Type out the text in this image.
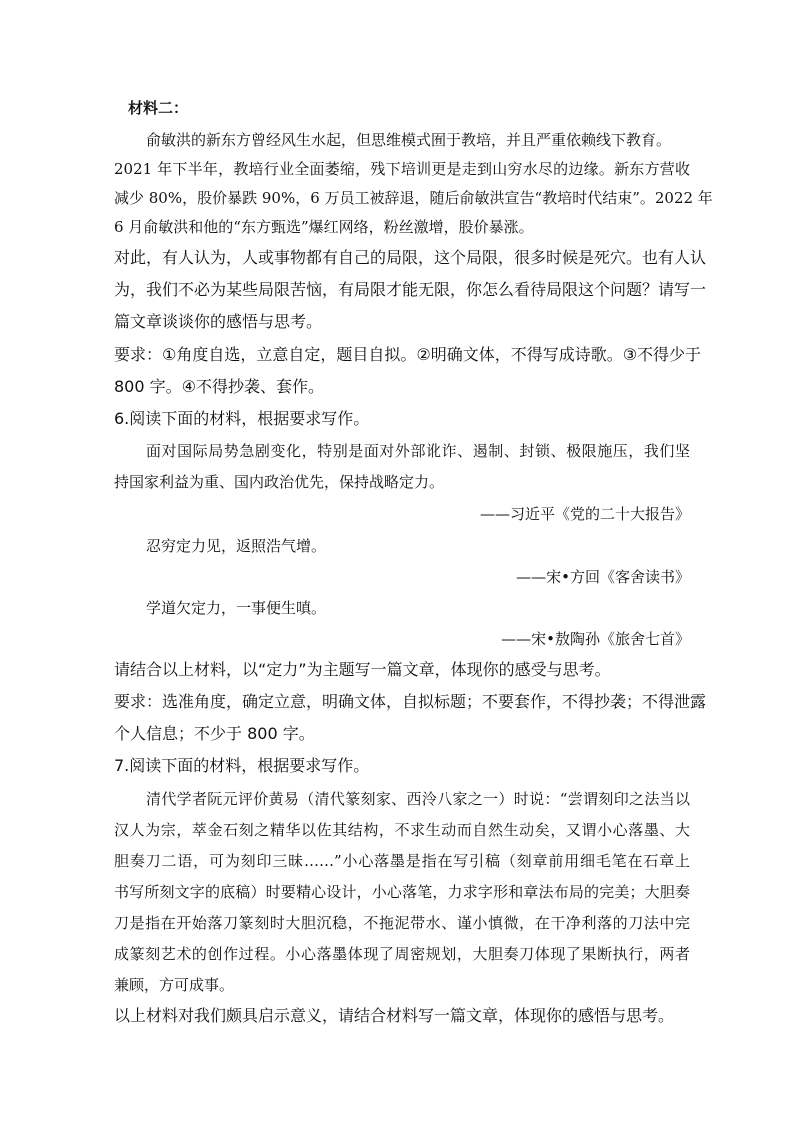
材料二：
俞敏洪的新东方曾经风生水起，但思维模式囿于教培，并且严重依赖线下教育。
2021 年下半年，教培行业全面萎缩，残下培训更是走到山穷水尽的边缘。新东方营收
减少 80%，股价暴跌 90%，6 万员工被辞退，随后俞敏洪宣告“教培时代结束”。2022 年
6 月俞敏洪和他的“东方甄选”爆红网络，粉丝激增，股价暴涨。
对此，有人认为，人或事物都有自己的局限，这个局限，很多时候是死穴。也有人认
为，我们不必为某些局限苦恼，有局限才能无限，你怎么看待局限这个问题？请写一
篇文章谈谈你的感悟与思考。
要求：①角度自选，立意自定，题目自拟。②明确文体，不得写成诗歌。③不得少于
800 字。④不得抄袭、套作。
6.阅读下面的材料，根据要求写作。
面对国际局势急剧变化，特别是面对外部讹诈、遏制、封锁、极限施压，我们坚
持国家利益为重、国内政治优先，保持战略定力。
——习近平《党的二十大报告》
忍穷定力见，返照浩气增。
——宋•方回《客舍读书》
学道欠定力，一事便生嗔。
——宋•敖陶孙《旅舍七首》
请结合以上材料，以“定力”为主题写一篇文章，体现你的感受与思考。
要求：选准角度，确定立意，明确文体，自拟标题；不要套作，不得抄袭；不得泄露
个人信息；不少于 800 字。
7.阅读下面的材料，根据要求写作。
清代学者阮元评价黄易（清代篆刻家、西泠八家之一）时说：“尝谓刻印之法当以
汉人为宗，萃金石刻之精华以佐其结构，不求生动而自然生动矣，又谓小心落墨、大
胆奏刀二语，可为刻印三昧……”小心落墨是指在写引稿（刻章前用细毛笔在石章上
书写所刻文字的底稿）时要精心设计，小心落笔，力求字形和章法布局的完美；大胆奏
刀是指在开始落刀篆刻时大胆沉稳，不拖泥带水、谨小慎微，在干净利落的刀法中完
成篆刻艺术的创作过程。小心落墨体现了周密规划，大胆奏刀体现了果断执行，两者
兼顾，方可成事。
以上材料对我们颇具启示意义，请结合材料写一篇文章，体现你的感悟与思考。
